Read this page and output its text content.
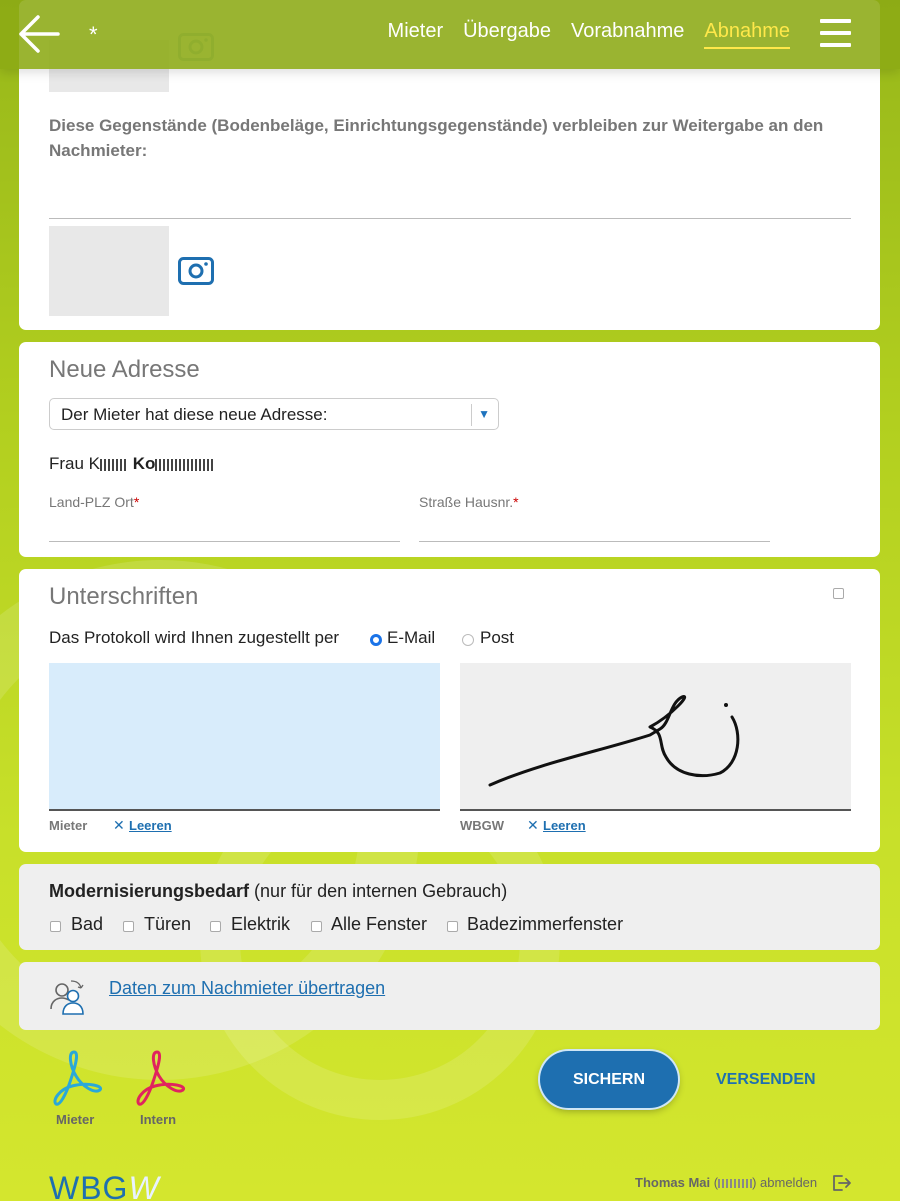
*	Mieter Übergabe Vorabnahme Abnahme
Diese Gegenstände (Bodenbeläge, Einrichtungsgegenstände) verbleiben zur Weitergabe an den Nachmieter:
Neue Adresse
Der Mieter hat diese neue Adresse:	▼
Frau K Ko
Land-PLZ Ort*	Straße Hausnr.*
Unterschriften
Das Protokoll wird Ihnen zugestellt per	E-Mail	Post
Mieter ✕ Leeren	WBGW ✕ Leeren
Modernisierungsbedarf (nur für den internen Gebrauch)
Bad Türen Elektrik Alle Fenster Badezimmerfenster
Daten zum Nachmieter übertragen
Mieter	Intern
SICHERN	VERSENDEN
WBGW	Thomas Mai (	) abmelden
